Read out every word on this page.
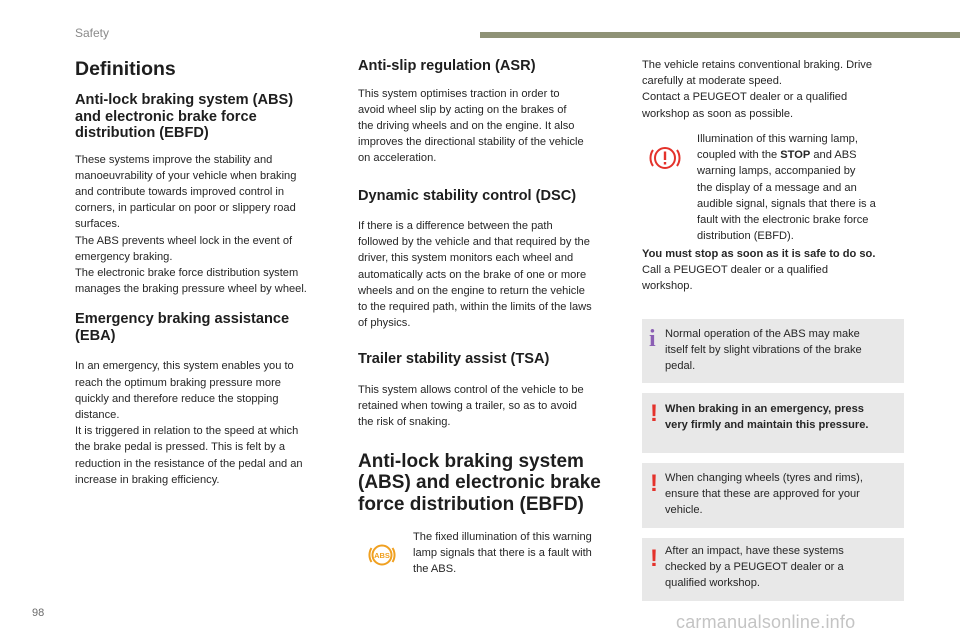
Safety
Definitions
Anti-lock braking system (ABS)
and electronic brake force
distribution (EBFD)
These systems improve the stability and
manoeuvrability of your vehicle when braking
and contribute towards improved control in
corners, in particular on poor or slippery road
surfaces.
The ABS prevents wheel lock in the event of
emergency braking.
The electronic brake force distribution system
manages the braking pressure wheel by wheel.
Emergency braking assistance
(EBA)
In an emergency, this system enables you to
reach the optimum braking pressure more
quickly and therefore reduce the stopping
distance.
It is triggered in relation to the speed at which
the brake pedal is pressed. This is felt by a
reduction in the resistance of the pedal and an
increase in braking efficiency.
Anti-slip regulation (ASR)
This system optimises traction in order to
avoid wheel slip by acting on the brakes of
the driving wheels and on the engine. It also
improves the directional stability of the vehicle
on acceleration.
Dynamic stability control (DSC)
If there is a difference between the path
followed by the vehicle and that required by the
driver, this system monitors each wheel and
automatically acts on the brake of one or more
wheels and on the engine to return the vehicle
to the required path, within the limits of the laws
of physics.
Trailer stability assist (TSA)
This system allows control of the vehicle to be
retained when towing a trailer, so as to avoid
the risk of snaking.
Anti-lock braking system
(ABS) and electronic brake
force distribution (EBFD)
ABS
The fixed illumination of this warning
lamp signals that there is a fault with
the ABS.
The vehicle retains conventional braking. Drive
carefully at moderate speed.
Contact a PEUGEOT dealer or a qualified
workshop as soon as possible.
Illumination of this warning lamp,
coupled with the STOP and ABS
warning lamps, accompanied by
the display of a message and an
audible signal, signals that there is a
fault with the electronic brake force
distribution (EBFD).
You must stop as soon as it is safe to do so.
Call a PEUGEOT dealer or a qualified
workshop.
i Normal operation of the ABS may make
itself felt by slight vibrations of the brake
pedal.
! When braking in an emergency, press
very firmly and maintain this pressure.
! When changing wheels (tyres and rims),
ensure that these are approved for your
vehicle.
! After an impact, have these systems
checked by a PEUGEOT dealer or a
qualified workshop.
98	carmanualsonline.info
